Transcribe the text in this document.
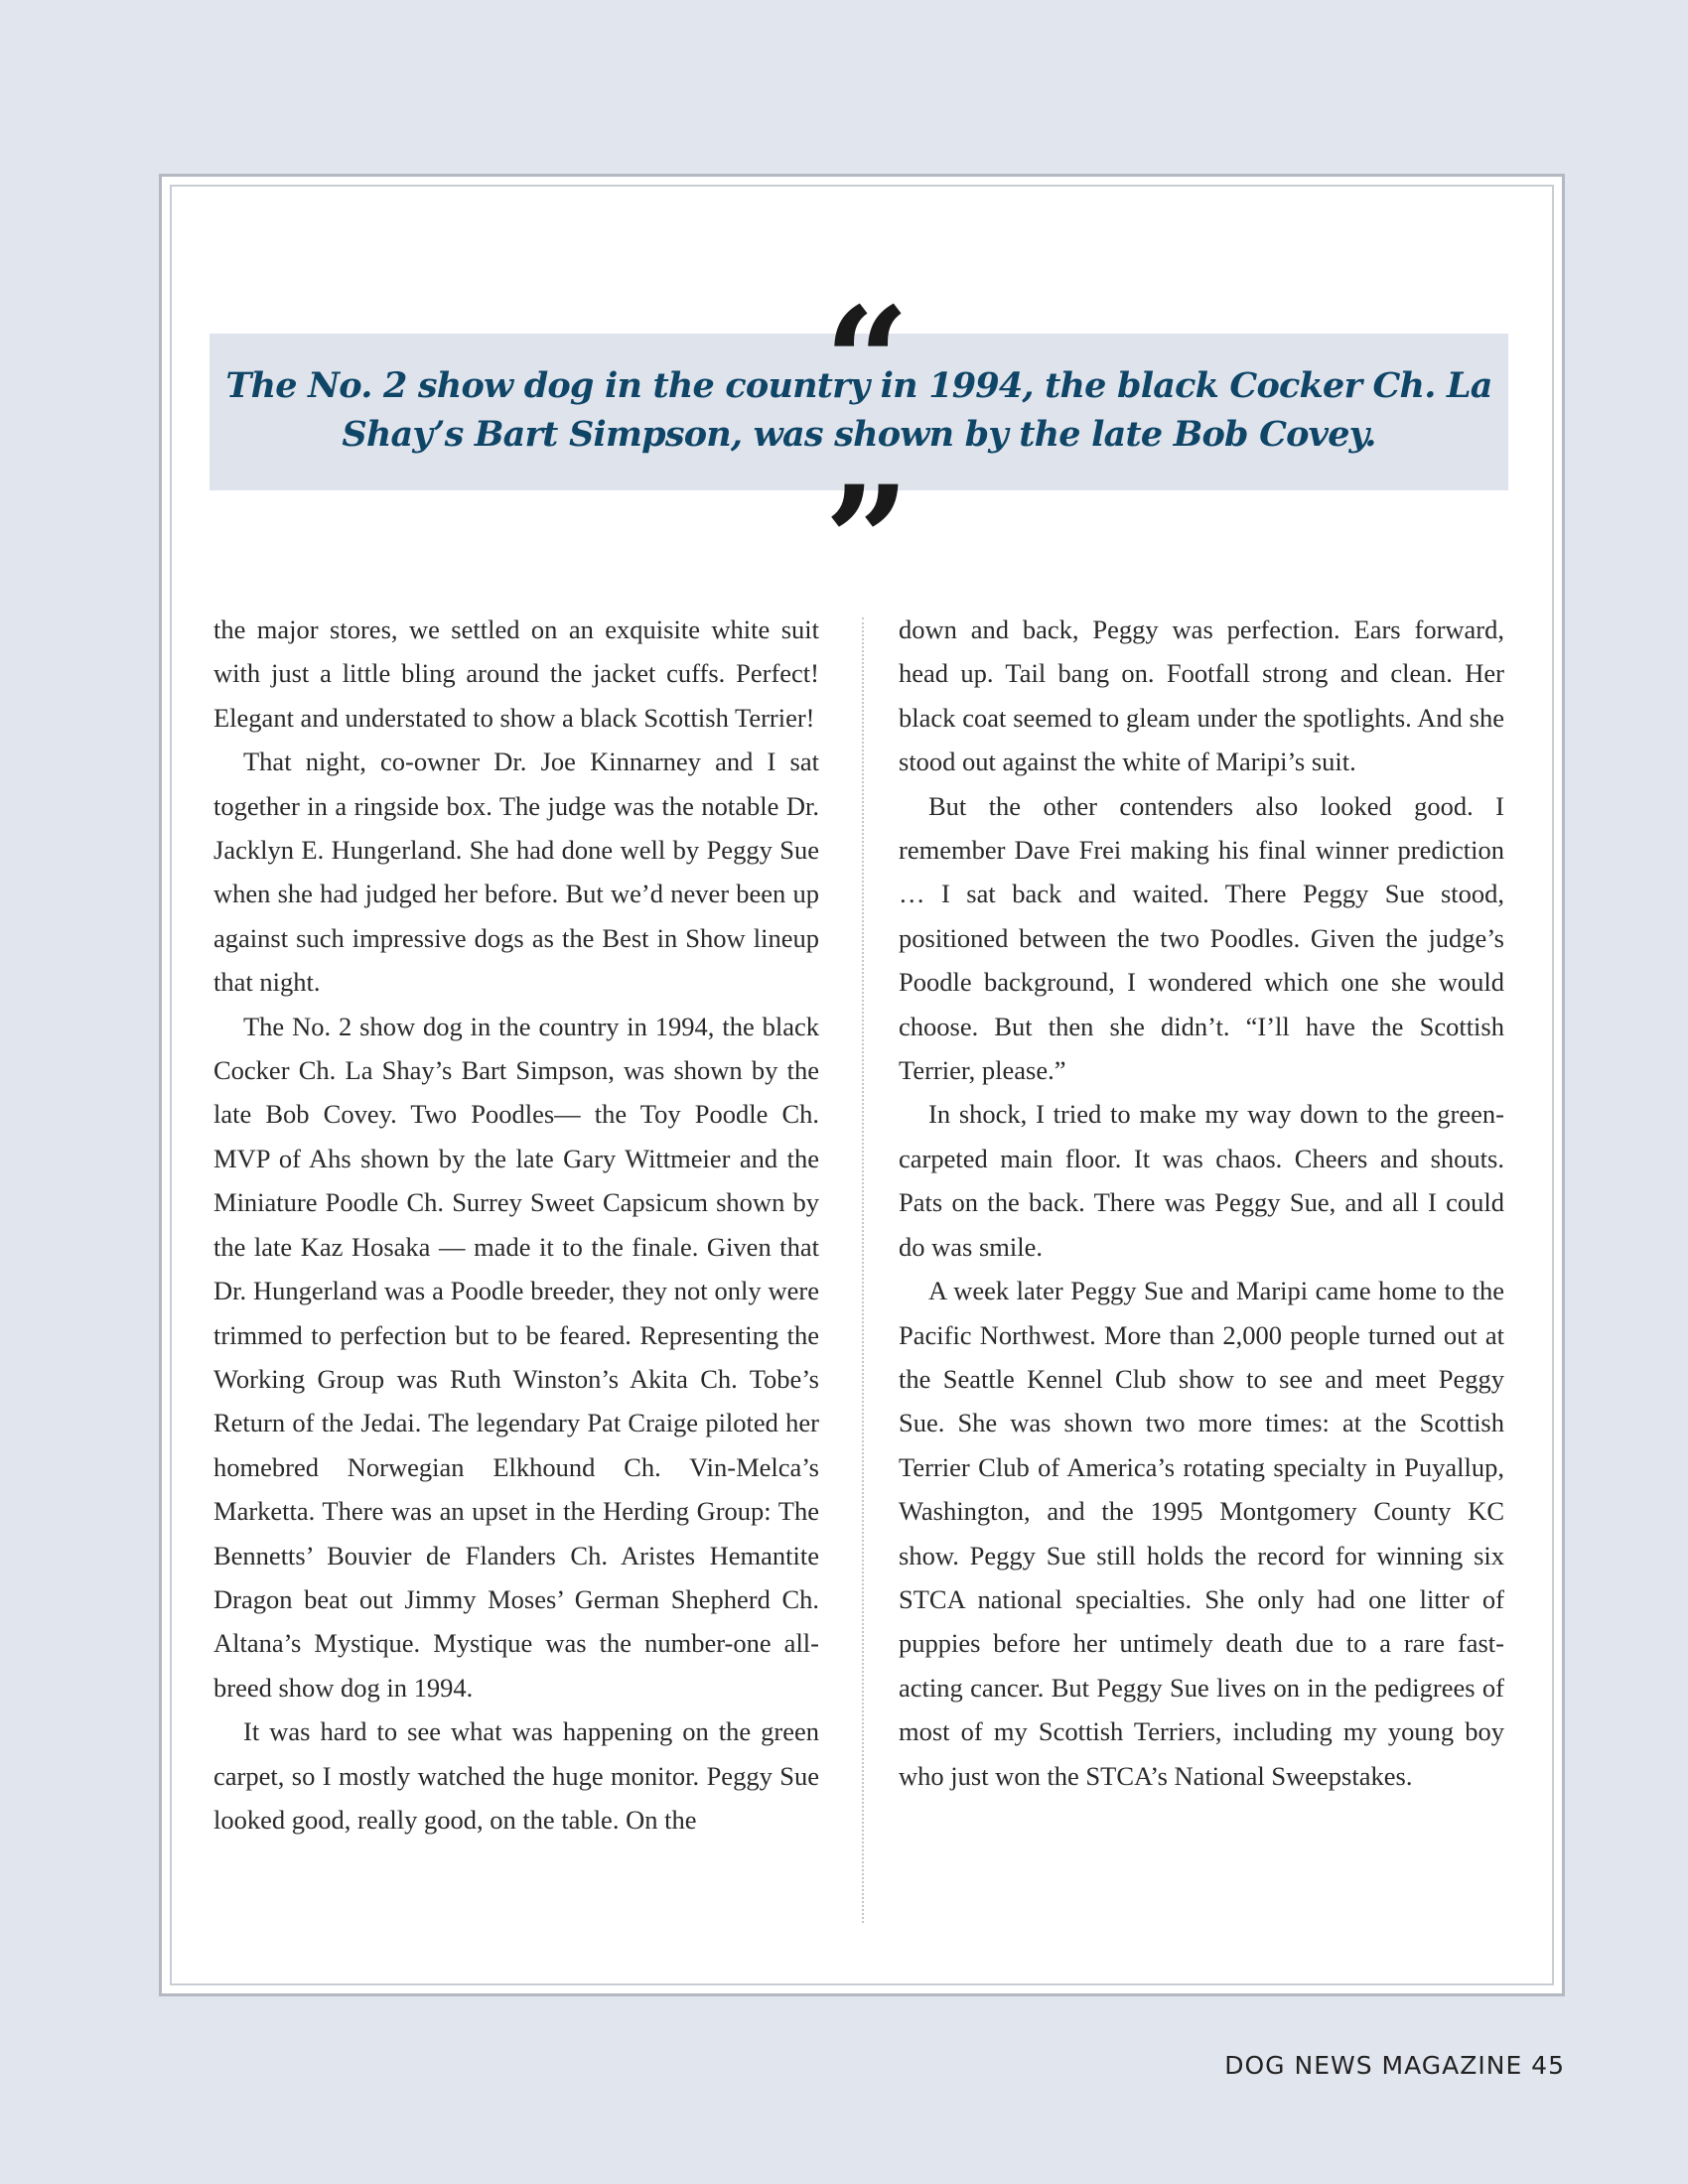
“
The No. 2 show dog in the country in 1994, the black Cocker Ch. La Shay’s Bart Simpson, was shown by the late Bob Covey.
”

the major stores, we settled on an exquisite white suit with just a little bling around the jacket cuffs. Perfect! Elegant and understated to show a black Scottish Terrier!

That night, co-owner Dr. Joe Kinnarney and I sat together in a ringside box. The judge was the notable Dr. Jacklyn E. Hungerland. She had done well by Peggy Sue when she had judged her before. But we’d never been up against such impressive dogs as the Best in Show lineup that night.

The No. 2 show dog in the country in 1994, the black Cocker Ch. La Shay’s Bart Simpson, was shown by the late Bob Covey. Two Poodles— the Toy Poodle Ch. MVP of Ahs shown by the late Gary Wittmeier and the Miniature Poodle Ch. Surrey Sweet Capsicum shown by the late Kaz Hosaka — made it to the finale. Given that Dr. Hungerland was a Poodle breeder, they not only were trimmed to perfection but to be feared. Representing the Working Group was Ruth Winston’s Akita Ch. Tobe’s Return of the Jedai. The legendary Pat Craige piloted her homebred Norwegian Elkhound Ch. Vin-Melca’s Marketta. There was an upset in the Herding Group: The Bennetts’ Bouvier de Flanders Ch. Aristes Hemantite Dragon beat out Jimmy Moses’ German Shepherd Ch. Altana’s Mystique. Mystique was the number-one all-breed show dog in 1994.

It was hard to see what was happening on the green carpet, so I mostly watched the huge monitor. Peggy Sue looked good, really good, on the table. On the

down and back, Peggy was perfection. Ears forward, head up. Tail bang on. Footfall strong and clean. Her black coat seemed to gleam under the spotlights. And she stood out against the white of Maripi’s suit.

But the other contenders also looked good. I remember Dave Frei making his final winner prediction … I sat back and waited. There Peggy Sue stood, positioned between the two Poodles. Given the judge’s Poodle background, I wondered which one she would choose. But then she didn’t. “I’ll have the Scottish Terrier, please.”

In shock, I tried to make my way down to the green-carpeted main floor. It was chaos. Cheers and shouts. Pats on the back. There was Peggy Sue, and all I could do was smile.

A week later Peggy Sue and Maripi came home to the Pacific Northwest. More than 2,000 people turned out at the Seattle Kennel Club show to see and meet Peggy Sue. She was shown two more times: at the Scottish Terrier Club of America’s rotating specialty in Puyallup, Washington, and the 1995 Montgomery County KC show. Peggy Sue still holds the record for winning six STCA national specialties. She only had one litter of puppies before her untimely death due to a rare fast-acting cancer. But Peggy Sue lives on in the pedigrees of most of my Scottish Terriers, including my young boy who just won the STCA’s National Sweepstakes.

DOG NEWS MAGAZINE 45
